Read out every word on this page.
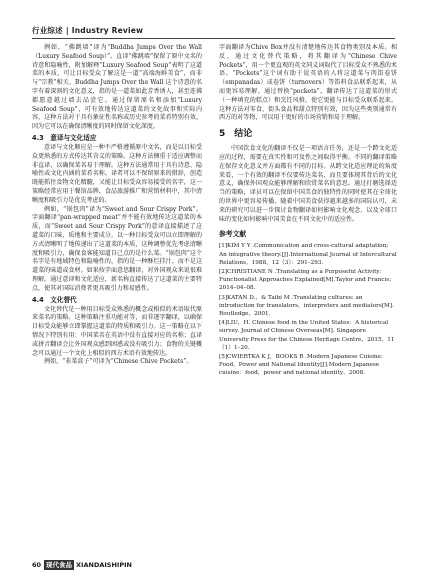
行业综述 | Industry Review

例如，“佛跳墙”译为“Buddha Jumps Over the Wall（Luxury Seafood Soup）”。直译“佛跳墙”保留了原中文名的诗意和隐喻性，附加解释“Luxury Seafood Soup”表明了这道菜的本质，可让目标受众了解这是一道“高端海鲜美食”，而非与“宗教”相关。Buddha Jumps Over the Wall 这个诗意的名字有着深刻的文化意义，指的是一道菜如此芳香诱人，甚至连佛都愿意越过墙去品尝它。通过保留原名和添加“Luxury Seafood Soup”，可有效地传达这道菜的文化故事和实际内容，这种方法对于具有象征性名称或历史参考的菜肴特别有效，因为它可以在确保清晰度的同时保留文化深度。

4.3　意译与文化适应

意译与文化顺应是一种不严格遵循原中文名，而是以目标受众更熟悉的方式传达其含义的策略。这种方法侧重于适应调整而非直译，以确保菜名易于理解。这种方法通常用于具有诗意、隐喻性或文化内涵的菜肴名称。译者可以不保留原来的措辞，创造既能抓住食物文化精髓，又能让目标受众容易接受的名字，这一策略经常应用于餐馆品牌、食品旅游推广和营销材料中，其中清晰度和吸引力是优先考虑的。

例如，“锅包肉”译为“Sweet and Sour Crispy Pork”。字面翻译“pan-wrapped meat”并不能有效地传达这道菜的本质，而“Sweet and Sour Crispy Pork”的意译直接描述了这道菜的口味、质地和主要成分，以一种目标受众可以立即理解的方式清晰明了地传递出了这道菜的本质，这种调整优先考虑清晰度和吸引力，确保食客能知道自己点的是什么菜。“锅包肉”这个名字是有地域特色和隐喻性的，指的是一种酥烂挂汁、而不是这道菜的味道或食材。如果按字面意思翻译，对外国观众来说很难理解。通过意译和文化适应，新名称直接传达了这道菜的主要特点，使其对国际消费者更具吸引力和易感性。

4.4　文化替代

文化替代是一种用目标受众熟悉的概念或相似的术语取代原来菜名的策略。这种策略注重功能对等，而非逐字翻译，以确保目标受众能够立即掌握这道菜的特质和吸引力。这一策略在以下情况下特别有用：中国菜名在英语中没有直接对应的名称；直译或拼音翻译会让外国观众感到困惑或没有吸引力；食物的关键概念可以通过一个文化上相似的西方术语有效地传达。

例如，“韭菜盒子”可译为“Chinese Chive Pockets”。

字面翻译为Chive Box并没有清楚地传达其食物类别及本质。相反，通过文化替代策略，将其翻译为“Chinese Chive Pockets”，用一个更直观的英文同义词取代了目标受众不熟悉的术语。“Pockets”这个词有助于说英语的人将这道菜与肉馅卷饼（empanadas）或卷饼（turnovers）等馅料食品联系起来，从而更容易理解。通过替换“pockets”，翻译传达了这道菜的形式（一种填充的糕点）和烹饪风格，使它更能与目标受众联系起来。这种方法对零食、街头食品和甜点特别有效，因为这些类别通常有西方的对等物，可以用于更好的市场营销和易于理解。

5　结论

中国饮食文化的翻译不仅是一项语言任务，还是一个跨文化适应的过程，需要在真实性和可及性之间取得平衡。不同的翻译策略在保存文化意义并方面都有不同的目标。从跨文化适应理论的角度来看，一个有效的翻译不仅要传达菜名，而且要体现其背后的文化意义，确保外国观众能够理解和欣赏菜名的意思。通过打磨选择适当的策略，译员可以在保留中国美食的独特性的同时使其在全球化的世界中更容易传播。随着中国美食获得越来越多的国际认可，未来的研究可以进一步探讨食物翻译如何影响文化观念，以及全球口味的变化如何影响中国美食在不同文化中的适应性。

参考文献

[1]KIM Y Y .Communication and cross-cultural adaptation; An integrative theory.[J].International Journal of Intercultural Relations，1988，12（3）：291–293.

[2]CHRISTIANE N .Translating as a Purposeful Activity: Functionalist Approaches Explained[M].Taylor and Francis; 2014–04–08.

[3]KATAN D.，& Taibi M .Translating cultures: an introduction for translators，interpreters and mediators[M]. Routledge，2001.

[4]LIU，H. Chinese food in the United States：A historical survey. Journal of Chinese Overseas[M]. Singapore University Press for the Chinese Heritage Centre，2015，11（1）1–20.

[5]CWIERTKA K J，BOOKS R .Modern Japanese Cuisine: Food，Power and National Identity[J].Modern Japanese cuisine：food，power and national identity，2008.

60 现代食品 XIANDAISHIPIN
